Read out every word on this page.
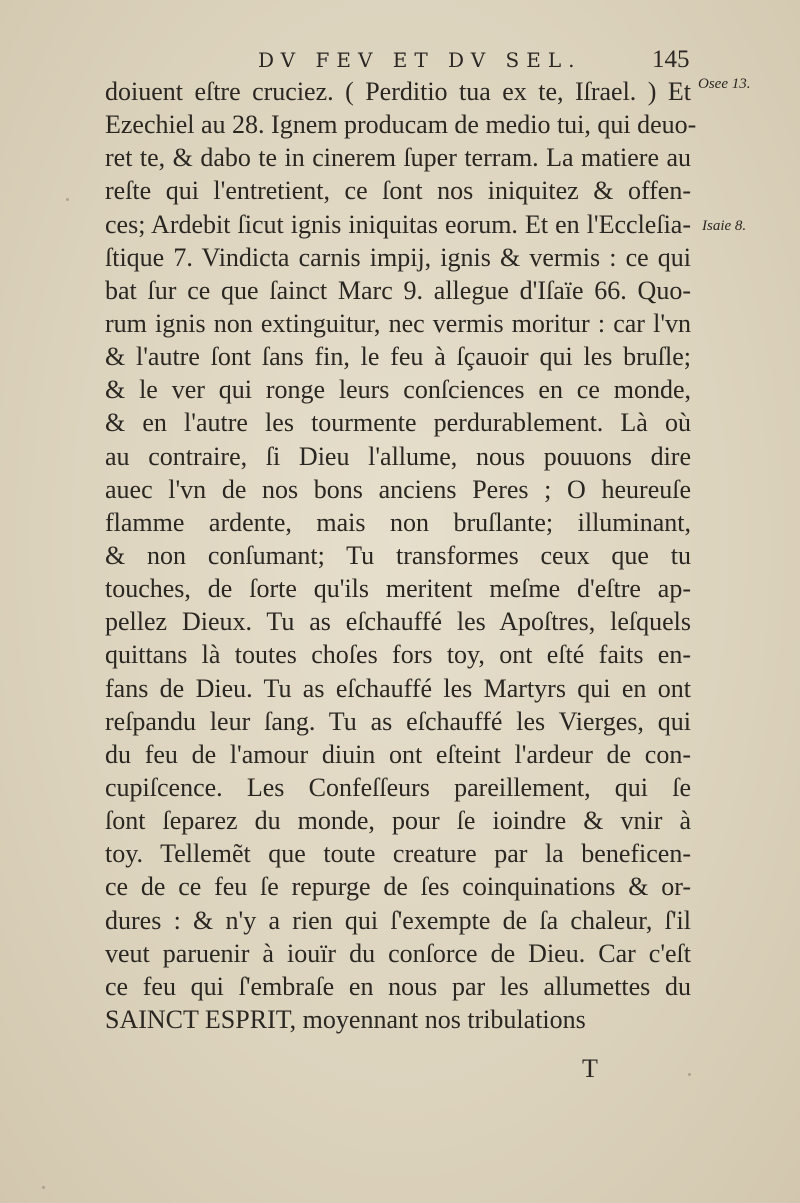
DV FEV ET DV SEL.	145
Osee 13.
Isaie 8.
doiuent eſtre cruciez. ( Perditio tua ex te, Iſrael. ) Et
Ezechiel au 28. Ignem producam de medio tui, qui deuo-
ret te, & dabo te in cinerem ſuper terram. La matiere au
reſte qui l'entretient, ce ſont nos iniquitez & offen-
ces; Ardebit ſicut ignis iniquitas eorum. Et en l'Eccleſia-
ſtique 7. Vindicta carnis impij, ignis & vermis : ce qui
bat ſur ce que ſainct Marc 9. allegue d'Iſaïe 66. Quo-
rum ignis non extinguitur, nec vermis moritur : car l'vn
& l'autre ſont ſans fin, le feu à ſçauoir qui les bruſle;
& le ver qui ronge leurs conſciences en ce monde,
& en l'autre les tourmente perdurablement. Là où
au contraire, ſi Dieu l'allume, nous pouuons dire
auec l'vn de nos bons anciens Peres ; O heureuſe
flamme ardente, mais non bruſlante; illuminant,
& non conſumant; Tu transformes ceux que tu
touches, de ſorte qu'ils meritent meſme d'eſtre ap-
pellez Dieux. Tu as eſchauffé les Apoſtres, leſquels
quittans là toutes choſes fors toy, ont eſté faits en-
fans de Dieu. Tu as eſchauffé les Martyrs qui en ont
reſpandu leur ſang. Tu as eſchauffé les Vierges, qui
du feu de l'amour diuin ont eſteint l'ardeur de con-
cupiſcence. Les Confeſſeurs pareillement, qui ſe
ſont ſeparez du monde, pour ſe ioindre & vnir à
toy. Tellemẽt que toute creature par la beneficen-
ce de ce feu ſe repurge de ſes coinquinations & or-
dures : & n'y a rien qui ſ'exempte de ſa chaleur, ſ'il
veut paruenir à iouïr du conſorce de Dieu. Car c'eſt
ce feu qui ſ'embraſe en nous par les allumettes du
SAINCT ESPRIT, moyennant nos tribulations
T
